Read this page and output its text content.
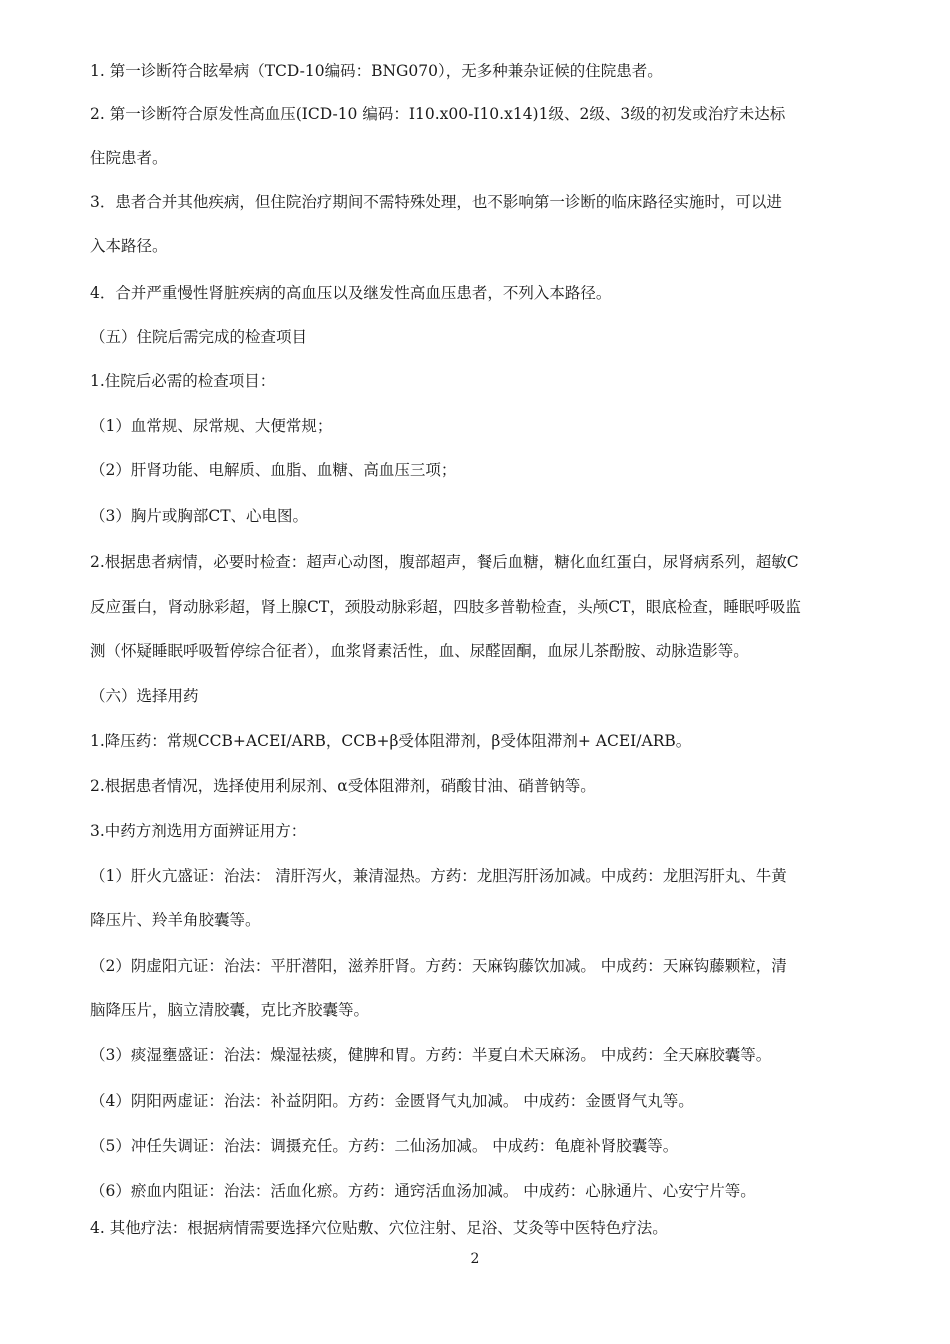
1. 第一诊断符合眩晕病（TCD-10编码：BNG070），无多种兼杂证候的住院患者。
2. 第一诊断符合原发性高血压(ICD-10 编码：I10.x00-I10.x14)1级、2级、3级的初发或治疗未达标
住院患者。
3．患者合并其他疾病，但住院治疗期间不需特殊处理，也不影响第一诊断的临床路径实施时，可以进
入本路径。
4．合并严重慢性肾脏疾病的高血压以及继发性高血压患者，不列入本路径。
（五）住院后需完成的检查项目
1.住院后必需的检查项目：
（1）血常规、尿常规、大便常规；
（2）肝肾功能、电解质、血脂、血糖、高血压三项；
（3）胸片或胸部CT、心电图。
2.根据患者病情，必要时检查：超声心动图，腹部超声，餐后血糖，糖化血红蛋白，尿肾病系列，超敏C
反应蛋白，肾动脉彩超，肾上腺CT，颈股动脉彩超，四肢多普勒检查，头颅CT，眼底检查，睡眠呼吸监
测（怀疑睡眠呼吸暂停综合征者），血浆肾素活性，血、尿醛固酮，血尿儿茶酚胺、动脉造影等。
（六）选择用药
1.降压药：常规CCB+ACEI/ARB，CCB+β受体阻滞剂，β受体阻滞剂+ ACEI/ARB。
2.根据患者情况，选择使用利尿剂、α受体阻滞剂，硝酸甘油、硝普钠等。
3.中药方剂选用方面辨证用方：
（1）肝火亢盛证：治法： 清肝泻火，兼清湿热。方药：龙胆泻肝汤加减。中成药：龙胆泻肝丸、牛黄
降压片、羚羊角胶囊等。
（2）阴虚阳亢证：治法：平肝潜阳，滋养肝肾。方药：天麻钩藤饮加减。 中成药：天麻钩藤颗粒，清
脑降压片，脑立清胶囊，克比齐胶囊等。
（3）痰湿壅盛证：治法：燥湿祛痰，健脾和胃。方药：半夏白术天麻汤。 中成药：全天麻胶囊等。
（4）阴阳两虚证：治法：补益阴阳。方药：金匮肾气丸加减。 中成药：金匮肾气丸等。
（5）冲任失调证：治法：调摄充任。方药：二仙汤加减。 中成药：龟鹿补肾胶囊等。
（6）瘀血内阻证：治法：活血化瘀。方药：通窍活血汤加减。 中成药：心脉通片、心安宁片等。
4. 其他疗法：根据病情需要选择穴位贴敷、穴位注射、足浴、艾灸等中医特色疗法。
2
